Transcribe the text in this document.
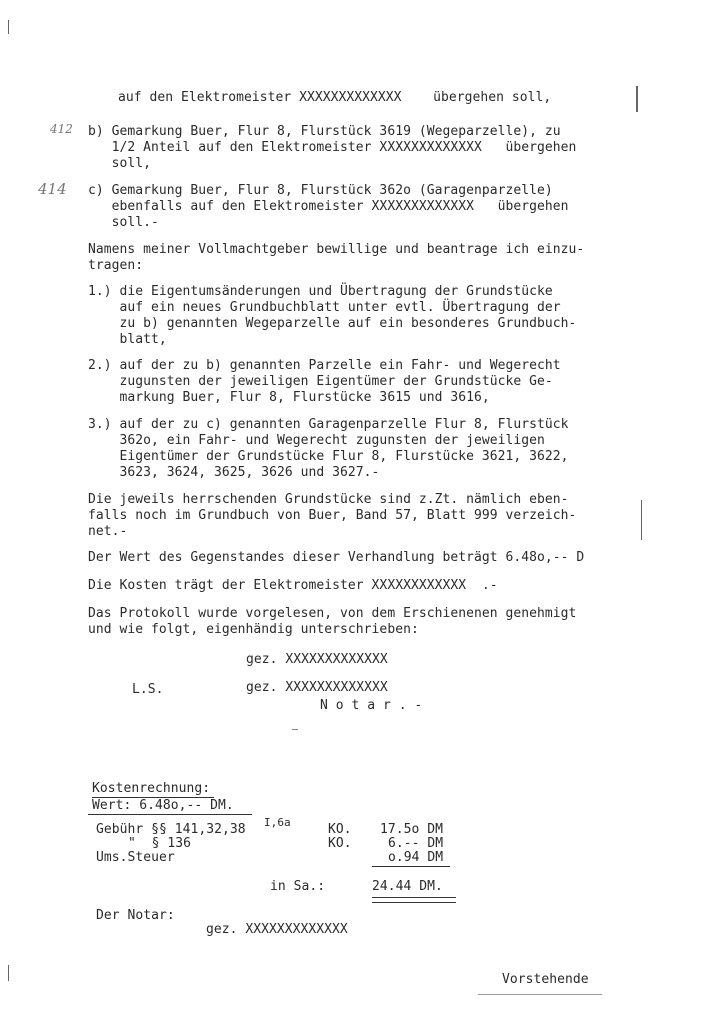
auf den Elektromeister XXXXXXXXXXXXX    übergehen soll,
412 b) Gemarkung Buer, Flur 8, Flurstück 3619 (Wegeparzelle), zu
1/2 Anteil auf den Elektromeister XXXXXXXXXXXXX   übergehen
soll,
414 c) Gemarkung Buer, Flur 8, Flurstück 362o (Garagenparzelle)
ebenfalls auf den Elektromeister XXXXXXXXXXXXX   übergehen
soll.-
Namens meiner Vollmachtgeber bewillige und beantrage ich einzu-
tragen:
1.) die Eigentumsänderungen und Übertragung der Grundstücke
auf ein neues Grundbuchblatt unter evtl. Übertragung der
zu b) genannten Wegeparzelle auf ein besonderes Grundbuch-
blatt,
2.) auf der zu b) genannten Parzelle ein Fahr- und Wegerecht
zugunsten der jeweiligen Eigentümer der Grundstücke Ge-
markung Buer, Flur 8, Flurstücke 3615 und 3616,
3.) auf der zu c) genannten Garagenparzelle Flur 8, Flurstück
362o, ein Fahr- und Wegerecht zugunsten der jeweiligen
Eigentümer der Grundstücke Flur 8, Flurstücke 3621, 3622,
3623, 3624, 3625, 3626 und 3627.-
Die jeweils herrschenden Grundstücke sind z.Zt. nämlich eben-
falls noch im Grundbuch von Buer, Band 57, Blatt 999 verzeich-
net.-
Der Wert des Gegenstandes dieser Verhandlung beträgt 6.48o,-- D
Die Kosten trägt der Elektromeister XXXXXXXXXXXX  .-
Das Protokoll wurde vorgelesen, von dem Erschienenen genehmigt
und wie folgt, eigenhändig unterschrieben:
gez. XXXXXXXXXXXXX
L.S.	gez. XXXXXXXXXXXXX
N o t a r . -
Kostenrechnung:
Wert: 6.48o,-- DM.
Gebühr §§ 141,32,38 I,6a	KO. 17.5o DM
"  § 136	KO.	6.-- DM
Ums.Steuer	o.94 DM
in Sa.:	24.44 DM.
Der Notar:
gez. XXXXXXXXXXXXX
Vorstehende
